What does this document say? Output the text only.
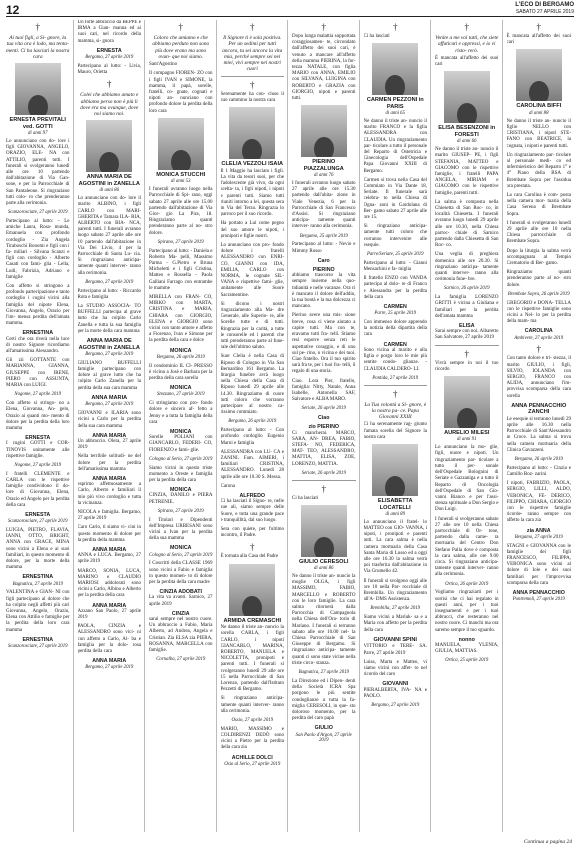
12	L'ECO DI BERGAMO
SABATO 27 APRILE 2019
†
Ai tuoi figli, a Si- gnore, la tua vita ora è lodo, ma tenta- menti. Ci ha lasciati la nostra cara
ERNESTA PREVITALI ved. GOTTI
di anni 97
Lo annunciano con do- lore i figli GIOVANNA, ANGELO, ORAZIO, ELE- NA con ATTILIO, parenti tutti. I funerali si svolgeranno lunedì alle ore 10 partendo dall'abitazione di Via Gan- sone, e per la Parrocchiale di San Pantaleone. Si ringraziano tutti colo- ro che prenderanno parte alla cerimonia.
Scanzorosciate, 27 aprile 2019
Partecipano al lutto: - Le amiche Laura, Rosa- munda, Emanuela con profondo cordoglio - Zia Angela Tiraboschi Bonomi e figli con i fa- miliari - Silvana Scanzi e figli con cordoglio - Alberto Casati con fami- glia - Lella, Ludi, Fabrizia, Adriano e famiglie
Con affetto si stringono a profondo partecipazione e tanto cordoglio i cugini vicini alla famiglia del nipote Elena, Giovanna, Angelo, Orazio per l'im- mensa perdita dell'amata mamma.
ERNESTINA
Certi che ora riverà nella luce di nostro Signore ricordiamo all'amatissima Alessandro.
Gli zii GOTTANTE con MARIANNA, GIANNA, GIUSEPPE con IRENE, PIERO con ASSUNTA, MARIA con LUIGI.
Nogome, 27 aprile 2019
Con affetto si stringo- no a Elena, Giovanna, An- gelo, Orazio ai quanti mo- mento di dolore per la perdita della loro mamma
ERNESTA
I cugini GOTTI e COR- TINOVIS unitamente alle rispettive famiglie.
Nogome, 27 aprile 2019
I fratelli CLEMENTE e CARLA con le rispettive famiglie condividono il do- lore di Giovanna, Elena, Orazio ed Angelo per la perdita della cara
ERNESTA
Scanzorosciate, 27 aprile 2019
LUIGIA, PIETRO, FLAVIA, IANNI, OTTO, BRIGHT, ANNA con GRACE, MINA sono vicini a Elena e ai suoi familiari, in questo momento di dolore, per la morte della mamma
ERNESTINA
Bagnatica, 27 aprile 2019
VALENTINA e GIAN- NI con figli partecipano al dolore che ha colpito negli affetti più cari Giovanna, Angelo, Orazio, Elena con Attilio e famiglie per la perdita della loro cara mamma
ERNESTINA
Scanzorosciate, 27 aprile 2019
Un forte abbraccio da BEPPE e IRMA a Gian- manna ed ai suoi cari, nel ricordo della mamma, si- gnora
ERNESTA
Bergamo, 27 aprile 2019
Partecipano al lutto: - Livia, Mauro, Orietta
†
Colei che abbiamo amato e abbiamo perso non è più lì dove era ma ovunque, dove noi siamo noi.
ANNA MARIA DE AGOSTINI in ZANELLA
di anni 86
Lo annunciano con do- lore il marito ALBINO, i figli CARLO con MARI- GHERITA e Tamara ILA- RIA, ALBERTO con BIA- NCA, parenti tutti. I funerali avranno luogo sabato 27 aprile alle ore 10 partendo dall'abitazione in Via Dei Livio, 4 per la Parrocchiale di Santa Lu- cia. Si ringraziano anticipa- tamente quanti interver- ranno alla cerimonia.
Bergamo, 27 aprile 2019
Partecipano al lutto: - Riccardo Rota e famiglia
La STUDIO ASSOCIA- TO BUFFELLI partecipa al grave lutto che ha colpito Carlo Zanella e tutta la sua famiglia per la morte della cara mamma
ANNA MARIA DE AGOSTINI in ZANELLA
Bergamo, 27 aprile 2019
GIULIANO BUFFELLI famiglie partecipano con dolore al grave lutto che ha colpito Carlo Zanella per la perdita della sua cara mamma
ANNA MARIA
Bergamo, 27 aprile 2019
GIOVANNI e ILARIA sono vicini a Carlo per la perdita della sua cara mamma
ANNA MARIA
Un abbraccio. Olera, 27 aprile 2019
Nella terribile solitudi- ne del dolore per la perdita dell'amatissima mamma
ANNA MARIA
esprimo affettuosamente a Carlo, Alberto e familiari il mio più vivo cordoglio e tutta la vicinanza.
NICOLA e famiglia. Bergamo, 27 aprile 2019
Caro Carlo, ti siamo vi- cini in questo momento di dolore per la perdita della mamma
ANNA MARIA
ANNA e LUCA. Bergamo, 27 aprile 2019
MARCO, SONIA, LUCA, MARINO e CLAUDIO MARIOSI addolorati sono vicini a Carlo, Albino e Alberto per la perdita della cara
ANNA MARIA
Azzano San Paolo, 27 aprile 2019
PAOLA, CINZIA e ALESSANDRO sono vici- ni con affetto a Carlo, Al- ba e famiglia per la dolo- rosa perdita della cara
ANNA MARIA
Bergamo, 27 aprile 2019
†
Coloro che amiamo e che abbiamo perduto non sono più dove erano ma sono ovun- que noi siamo.
Sant'Agostino
Il compagno FIOREN- ZO con i figli IVAN e SIMONE, la mamma, il papà, sorelle, fratelli, co- gnate, cognati e nipoti an- nunciano con profondo dolore la perdita della loro cara
MONICA STUCCHI
di anni 53
I funerali avranno luogo nella Parrocchiale di Spi- rano, oggi sabato 27 aprile alle ore 15.00 partendo dall'abitazione di Via Gior- gio La Pira, 18. Ringraziamo quanti prenderanno parte al no- stro dolore.
Spirano, 27 aprile 2019
Partecipano al lutto: - Daniela e Roberto Ma- pelli, Massimo Parma - G.Pietro e Bruna Micheletti e i figli Cristina, Matteo e Rossella - Paola Galliani Farrago con entrambe le mamme
MIRELLA con FRAN- CO, MIRKO con MARTA, CRISTINA e MARIA, CHIARA con GIORGIO, ELENA e GIORGIO sono vicini con tanto amore e affetto a Fiorenzo, Ivan e Simone per la perdita della cara e dolce
MONICA
Bergamo, 26 aprile 2019
Il condominio IL CI- PRESSO è vicino a Josè e Barbara per la perdita della cara sorella
MONICA
Stezzano, 27 aprile 2019
Ci stringiamo con pro- fondo dolore e sincero af- fetto a Jenny e a tutta la famiglia della cara
MONICA
Sorelle POLIANI con GIANCARLO, FEDERI- CO, FIORENZO e fami- glie.
Cologno al Serio, 27 aprile 2019
Siamo vicini in questo triste momento a Oreste e famiglia per la perdita della cara
MONICA
CINZIA, DANILO e PIERA PETRENIE.
Spirano, 27 aprile 2019
I Titolari e Dipendenti dell'Impresa URBESANI sono vicini a Ivan per la perdita della sua mamma
MONICA
Cologno al Serio, 27 aprile 2019
I Coscritti della CLASSE 1969 sono vicini a Fabio e famiglia in questo momen- to di dolore per la perdita della cara madre
CINZIA ADOBATI
La vita va avanti. Sarnico, 27 aprile 2019
CINZIA
sarai sempre nel nostro cuore. Un abbraccio a Fabio, Maria Alberto, ad Andrea, Angela e Cristian. Zia ELSA zia PIERA, ROSANNA, MARCELLA con famiglie.
Cornalba, 27 aprile 2019
†
Il Signore ti è sola positiva. Per un sedimi per tutti ancora, tu sei ancora la vita mia, perché sempre sei nei miei, vivi sempre nei nostri cuori
†
Serenamente ha con- cluso il suo cammino la nostra cara
CLELIA VEZZOLI ISAIA
Il 1 Maggio ha lasciato i figli. La vita da tesori suoi, per che l'adolescente già vivo, da ogni scelta- ta, i figli nipoti, i nipoti e parenti tutti. Siamo tutti riuniti intorno a lei, questa sera in Via del Terzo. Ringrazia lo parroco per il suo ricordo.
Ha portato a Lui come pegno del suo amore le nipoti, i pronipoti e figlie nostri.
Lo annunciano con pro- fondo dolore i fratelli ALESSANDRO con ENRI- CO, GIANNI con IDA, EMILIA, CARLO con NORMA, le cognate SIL- VANA e rispettive fami- glie, unitamente alle Suore Sacramentine.
Si dicono i nostri ringraziamento alla Ma- dre Generale, alle Superio- re, alle Sorelle tutte e di tutti. Ringrazia per la carità, a tutte le consorelle ed i parenti che tutti prenderanno parte al fune- rale dell'ultimo saluto.
Suor Clelia è nella Casa di Riposo di Cologno in Via San Bernardino 161 Bergamo. La liturgia funebre avrà luogo nella Chiesa della Casa di Riposo lunedì 29 aprile alle 14.30. Ringraziamo di cuore tutti coloro che vorranno partecipare al nostro ca- rissimo commiato.
Bergamo, 26 aprile 2019
Partecipano al lutto: - Con profondo cordoglio Eugenio Marni e famiglia
ALESSANDRA con LU- CA e ZANINI. Fam. AIMERI, i familiari CRISTINA, ALESSANDRO. Lunedì 28 aprile alle ore 10.30 S. Messa.
Carona
ALFREDO
Ci ha lasciati il Signo- re, nelle sue ali, siamo sempre delle Suore, e tutta una grande pace e tranquillità, dal suo luogo.
Sera con quiete, per l'ultimo incontro, il Padre.
†
È tornata alla Casa del Padre
ARMIDA CREMASCHI
Ne danno il triste an- nuncio la sorella CARLA, i figli CARLO, i nipoti GIANCARLO, MARINA, ROBERTO, MANUELA e NICOLETTA, pronipoti e parenti tutti. I funerali si svolgeranno lunedì 29 alle ore 15 nella Parrocchiale di San Lorenzo, partendo dall'Istituto Pezzetti di Bergamo.
Si ringraziano anticipa- tamente quanti interver- ranno alla cerimonia.
Ossio, 27 aprile 2019
MARIO, MASSIMO e COLDIRENZI DEDÒ sono vicini a Pietro per la perdita della cara zia
ACHILLE DOLCI
Osio al Serio, 27 aprile 2019
†
Dopo lunga malattia sopportata coraggiosamen- te, circondato dall'affetto dei suoi cari, è venuto a mancare all'affetto della mamma PIERINA, la for- tezza NATALE, con figlia MARIO con ANNA, EMILIO con SILVANA, LUIGINA con ROBERTO e GRAZIA con GIORGIO, nipoti e parenti tutti.
PIERINO PIAZZALUNGA
di anni 76
I funerali avranno luogo sabato 27 aprile alle ore 15.30 partendo dall'abita- zione in Viale Venezia, 6 per la Parrocchiale di San Francesco d'Assisi. Si ringraziano anticipa- tamente quanti interver- ranno alla cerimonia.
Bergamo, 25 aprile 2019
Partecipano al lutto: - Nevio e Mimmy Rosso
Caro
PIERINO
abbiamo trascorso la vita sempre insieme nella quo- tidianità e nelle vacanze. Ora ci è mancato il dolore dell'addio, la tua bontà e la tua dolcezza ci mancano.
Pierino avere una mis- sione breve, cosa ci viene aiutato a capire tutti. Ma con te, eravamo tutti fra- telli. Stiamo resi esporre senza reti le aspettative coraggio, e di uno sul pe- rino, o vicina e dei tuoi. Ciao fratello. Ora il tuo spirito sarà fra te, per i tuoi fra- telli, il regalo di una storia.
Ciao. Lora Pier, fratello, famiglia: Nitty, Natale, Anna Isabelle, Antonella SAF, Salvatore e ALBA MARO.
Seriate, 26 aprile 2019
Ciao
zio PIERINO
Ci mancherai. MARCO, SARA, AN- DREA, FABIO, STEFA- NO, FEDERICA, MAT- TEO, ALESSANDRO, MATTIA, ELISA, ZOE, LORENZO, MATTIA.
Seriate, 26 aprile 2019
†
Ci ha lasciati
GIULIO CERESOLI
di anni 86
Ne danno il triste an- nuncio la moglie OLGA, i figli MASSIMO, FABIO, MARCELLO e ROBERTO con le loro famiglie. La cara salma ritornerà dalla Parrocchia di Campagnola nella Chiesa dell'Ora- torio di Mariano. I funerali si terranno sabato alle ore 10.00 nel- la Chiesa Parrocchiale di San Giuseppe di Bergamo. Si ringraziano anticipa- tamente quanti ci sono state vicine nella triste circo- stanza.
Bagnatica, 27 aprile 2019
La Direzione ed i Dipen- denti della Società ICRA Spa porgono le più sentite condoglianze a tutta la fa- miglia CERESOLI, in que- sto doloroso momento, per la perdita del caro papà
GIULIO
San Paolo d'Argon, 27 aprile 2019
†
Ci ha lasciati
CARMEN PEZZONI in PARIS
di anni 65
Ne danno il triste an- nuncio il marito FRANCO e la figlia ALESSANDRA con CLAUDIA. Un ringraziamento par- ticolare a tutto il personale del Reparto di Ostetricia e Ginecologia dell'Ospedale Papa Giovanni XXIII di Bergamo.
Carmen si trova nella Casa del Commiato in Via Dante 18, Seriate. Il funerale sarà celebra- to nella Chiesa di Ogna- zoni in Gardolana di Ber- gamo sabato 27 aprile alle ore 15.
Si ringraziano anticipa- tamente tutti coloro che vorranno intervenire alle esequie.
Parre/Seriate, 25 aprile 2019
Partecipano al lutto: - Gianni Mensachini e fa- miglia
Il fratello ENZO con VANDA partecipa al dolo- re di Franco e Alessandra per la perdita della cara
CARMEN
Parre, 25 aprile 2019
Con immenso dolore apprendo la notizia della dipartita della cara
CARMEN
Sono vicina al marito e alla figlia e porgo loro le mie più sentite condo- glianze. - CLAUDIA CALDERO- LI.
Pontida, 27 aprile 2019
†
La Tua volontà a Si- gnore, è la nostra pa- ce. Papa Giovanni XXIII
Ci ha serenamente rag- giunto l'amata sorella del Signore la nostra cara
ELISABETTA LOCATELLI
di anni 89
Lo annunciano il fratel- lo MATTEO con GIO- VANNA, i nipoti, i pronipoti e parenti tutti. La cara salma è nella camera mortuaria della Casa Santa Maria di Lusso ed a oggi alle ore 16.30 la salma verrà poi trasferita dall'abitazione in Via Grumello 42.
Il funerali si svolgono oggi alle ore 10 nella Par- rocchiale di Brembilla. Un ringraziamento all'A- DMS Assistenza.
Brembilla, 27 aprile 2019
Siamo vicini a Mariuk- sa e a Maria con affetto per la perdita della cara
GIOVANNI SPINI
VITTORIO e TERE- SA. Parre, 27 aprile 2019
Luisa, Marta e Matteo, vi siamo vicini con affet- to nel ricordo del caro
GIOVANNI
PIERALBERTA, IVA- NA e PAOLO.
Bergamo, 27 aprile 2019
†
Venite a me voi tutti, che siete affaticati e oppressi, e io vi risto- rerò.
È mancata all'affetto dei suoi cari
ELISA BESENZONI in FORESTI
di anni 66
Ne danno il triste an- nuncio il marito GIUSEP- PE, i figli STEFANIA, MATTEO e GIACOMO con le rispettive famiglie, i fratelli PAPA ANGELA, MIRIAM e GIACOMO con le rispettive famiglie, parenti tutti.
La salma è composta nella Chiesetta di San Roc- co, in località Chiesetta. I funerali avranno luogo lunedì 29 aprile alle ore 10.30, nella Chiesa parroc- chiale di Sarnico partendo dalla Chiesetta di San Roc- co.
Una veglia di preghiera domenica alle ore 20.30. Si ringraziano anticipa- tamente quanti interver- ranno alla cerimonia fune- bre.
Sarnico, 26 aprile 2019
La famiglia LORENZO GRITTI è vicina a Giuliana e familiari per la perdita dell'amata mamma
ELISA
Sarai sempre con noi. Albaretto San Salvatore, 27 aprile 2019
†
Vivrà sempre in noi il tuo ricordo
AURELIO MILESI
di anni 91
Lo annunciano la mo- glie, figli, nuore e nipoti. Un ringraziamento par- ticolare a tutto il per- sonale dell'Ospedale Bolognini di Seriate e Gazzaniga e a tutto il Reparto di Oncologia dell'Ospedale di San Gio- vanni Bianco e per l'assi- stenza spirituale a Don Sergio e Don Luigi.
I funerali si svolgeranno sabato 27 alle ore 10 nella Chiesa parrocchiale di Or- tone, partendo dalla came- ra mortuaria del Centro Don Stefano Palla dove è composta la cara salma, alle ore 9.00 circa. Si ringraziano anticipa- tamente quanti interver- ranno alla cerimonia.
Ortica, 26 aprile 2019
Vogliamo ringraziarti per i sorrisi che ci hai regalato in questi anni, per i tuoi insegnamenti e per i tuoi abbracci, che resteranno nel nostro cuore. Ci manchi ma ora saremo sempre il tuo sguardo.
nonno
MANUELA, YLENIA, GIULIA, MATTIAS.
Ortica, 25 aprile 2019
†
È mancata all'affetto dei suoi cari
CAROLINA BIFFI
di anni 88
Ne danno il triste an- nuncio il figlio NELLO con CRISTIANA, i nipoti STE- FANO con BEATRICE, la cognata, i nipoti e parenti tutti.
Un ringraziamento par- ticolare al personale medi- co ed infermieristico del Reparto 1° e 4° Piano della RSA di Brembate Sopra per l'assidua ora prestata.
La cara Carolina è com- posta nella camera mor- tuaria della Casa Serena di Brembate Sopra.
I funerali si svolgeranno lunedì 29 aprile alle ore 10 nella Chiesa parrocchiale di Brembate Sopra.
Dopo la liturgia la salma verrà accompagnata al Tempio Crematorio di Ber- gamo.
Ringraziamo quanti prenderanno parte al no- stro dolore.
Brembate Sopra, 26 aprile 2019
GREGORIO e DONA- TELLA con le rispettive famiglie sono vicini a Nel- lo per la perdita della mam- ma
CAROLINA
Ambivere, 27 aprile 2019
†
Con tanto dolore e tri- stezza, il marito GIULIO, i figli, SILVIO, IOLANDA con SERGIO, FRANCO con ALIDA, annunciano l'im- provvisa scomparsa della cara sorella
ANNA PENNACCHIO ZANCHI
Le esequie si terranno lunedì 29 aprile alle 16.30 nella Parrocchiale di Sant'Alessandro in Croce. La salma si trova nella camera mortuaria della Clinica Gavazzeni.
Bergamo, 26 aprile 2019
Partecipano al lutto: - Cinzia e Camillo Boz- zarini
I nipoti, FABRIZIO, PAOLA, SERGIO, LILLI, ALDO, VERONICA, FE- DERICO, FILIPPO, CHIARA, GIORGIO con le rispettive famiglie ricorde- ranno sempre con affetto la cara zia
zia ANNA
Bergamo, 27 aprile 2019
STAGNI e GIOVANNA con le famiglie dei figli FRANCESCO, FILIPPA, VERONICA sono vicini al dolore di Iole e dei suoi familiari per l'improvvisa scomparsa della cara
ANNA PENNACCHIO
Pontremoli, 27 aprile 2019
Continua a pagina 24
